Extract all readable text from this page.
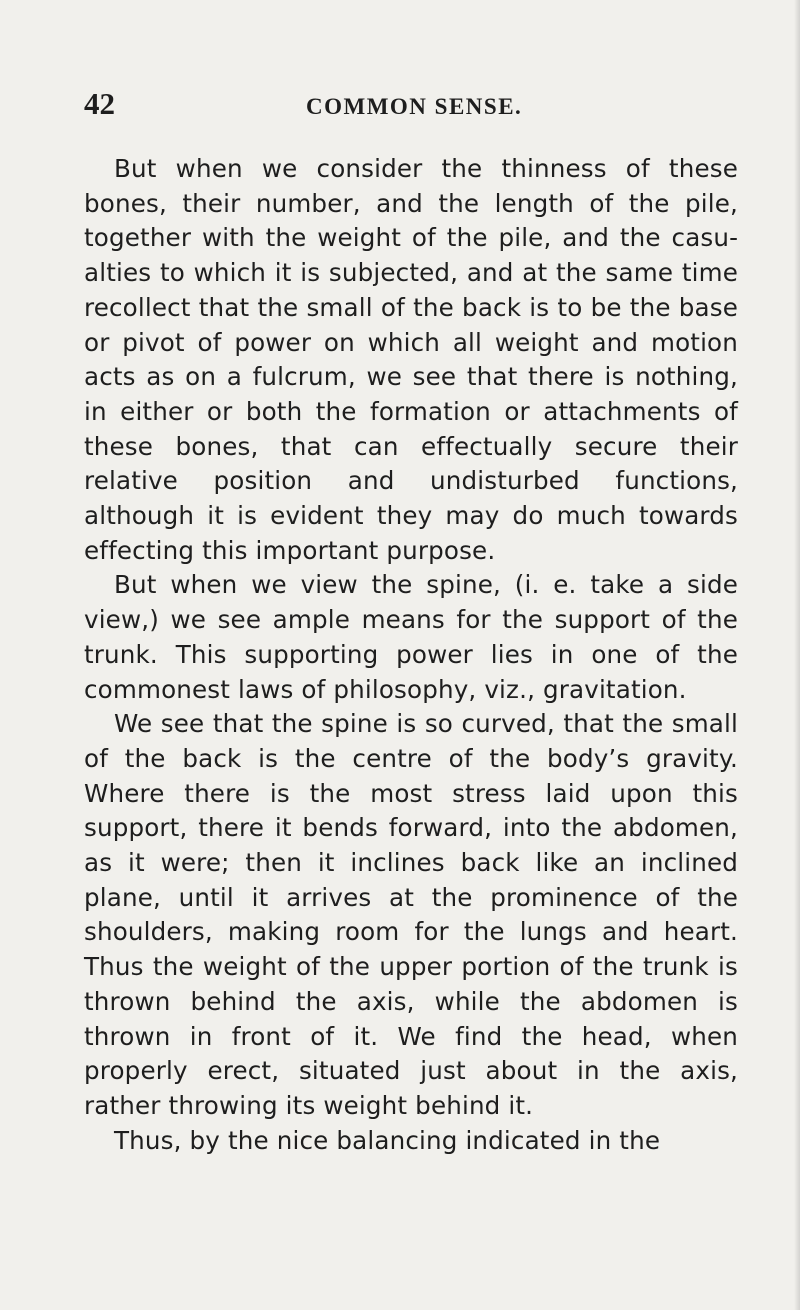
42	COMMON SENSE.

But when we consider the thinness of these bones, their number, and the length of the pile, together with the weight of the pile, and the casualties to which it is subjected, and at the same time recollect that the small of the back is to be the base or pivot of power on which all weight and motion acts as on a fulcrum, we see that there is nothing, in either or both the formation or attachments of these bones, that can effectually secure their relative position and undisturbed functions, although it is evident they may do much towards effecting this important purpose.

But when we view the spine, (i. e. take a side view,) we see ample means for the support of the trunk. This supporting power lies in one of the commonest laws of philosophy, viz., gravitation.

We see that the spine is so curved, that the small of the back is the centre of the body’s gravity. Where there is the most stress laid upon this support, there it bends forward, into the abdomen, as it were; then it inclines back like an inclined plane, until it arrives at the prominence of the shoulders, making room for the lungs and heart. Thus the weight of the upper portion of the trunk is thrown behind the axis, while the abdomen is thrown in front of it. We find the head, when properly erect, situated just about in the axis, rather throwing its weight behind it.

Thus, by the nice balancing indicated in the
